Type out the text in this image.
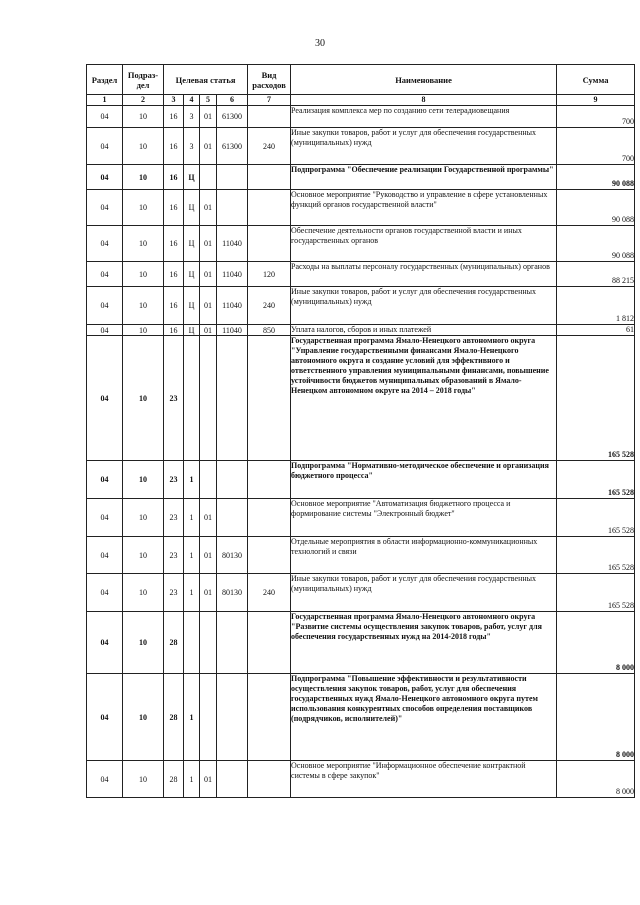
30
Раздел	Подраз-дел	Целевая статья				Вид расходов	Наименование	Сумма
1	2	3	4	5	6	7	8	9
04	10	16	3	01	61300		Реализация комплекса мер по созданию сети телерадиовещания	700
04	10	16	3	01	61300	240	Иные закупки товаров, работ и услуг для обеспечения государственных (муниципальных) нужд	700
04	10	16	Ц				Подпрограмма "Обеспечение реализации Государственной программы"	90 088
04	10	16	Ц	01			Основное мероприятие "Руководство и управление в сфере установленных функций органов государственной власти"	90 088
04	10	16	Ц	01	11040		Обеспечение деятельности органов государственной власти и иных государственных органов	90 088
04	10	16	Ц	01	11040	120	Расходы на выплаты персоналу государственных (муниципальных) органов	88 215
04	10	16	Ц	01	11040	240	Иные закупки товаров, работ и услуг для обеспечения государственных (муниципальных) нужд	1 812
04	10	16	Ц	01	11040	850	Уплата налогов, сборов и иных платежей	61
04	10	23					Государственная программа Ямало-Ненецкого автономного округа "Управление государственными финансами Ямало-Ненецкого автономного округа и создание условий для эффективного и ответственного управления муниципальными финансами, повышение устойчивости бюджетов муниципальных образований в Ямало-Ненецком автономном округе на 2014 – 2018 годы"	165 528
04	10	23	1				Подпрограмма "Нормативно-методическое обеспечение и организация бюджетного процесса"	165 528
04	10	23	1	01			Основное мероприятие "Автоматизация бюджетного процесса и формирование системы "Электронный бюджет"	165 528
04	10	23	1	01	80130		Отдельные мероприятия в области информационно-коммуникационных технологий и связи	165 528
04	10	23	1	01	80130	240	Иные закупки товаров, работ и услуг для обеспечения государственных (муниципальных) нужд	165 528
04	10	28					Государственная программа Ямало-Ненецкого автономного округа "Развитие системы осуществления закупок товаров, работ, услуг для обеспечения государственных нужд на 2014-2018 годы"	8 000
04	10	28	1				Подпрограмма "Повышение эффективности и результативности осуществления закупок товаров, работ, услуг для обеспечения государственных нужд Ямало-Ненецкого автономного округа путем использования конкурентных способов определения поставщиков (подрядчиков, исполнителей)"	8 000
04	10	28	1	01			Основное мероприятие "Информационное обеспечение контрактной системы в сфере закупок"	8 000
